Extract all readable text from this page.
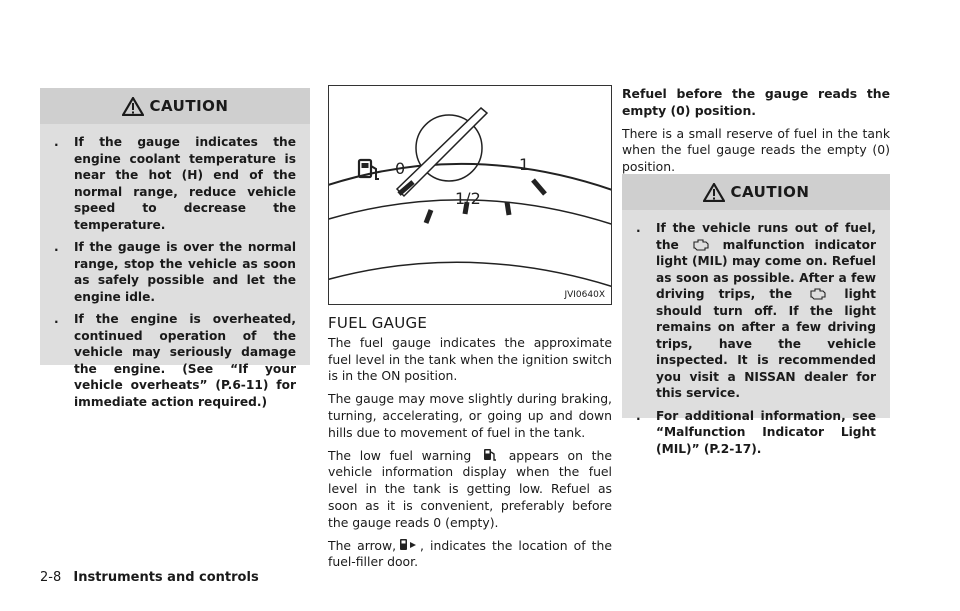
CAUTION
.	If the gauge indicates the engine coolant temperature is near the hot (H) end of the normal range, reduce vehicle speed to decrease the temperature.
.	If the gauge is over the normal range, stop the vehicle as soon as safely possible and let the engine idle.
.	If the engine is overheated, continued operation of the vehicle may seriously damage the engine. (See “If your vehicle overheats” (P.6-11) for immediate action required.)
0
1/2
1
JVI0640X
FUEL GAUGE

The fuel gauge indicates the approximate fuel level in the tank when the ignition switch is in the ON position.

The gauge may move slightly during braking, turning, accelerating, or going up and down hills due to movement of fuel in the tank.

The low fuel warning	appears on the vehicle information display when the fuel level in the tank is getting low. Refuel as soon as it is convenient, preferably before the gauge reads 0 (empty).

The arrow, , indicates the location of the fuel-filler door.

Refuel before the gauge reads the empty (0) position.

There is a small reserve of fuel in the tank when the fuel gauge reads the empty (0) position.

CAUTION
.	If the vehicle runs out of fuel, the	malfunction indicator light (MIL) may come on. Refuel as soon as possible. After a few driving trips, the	light should turn off. If the light remains on after a few driving trips, have the vehicle inspected. It is recommended you visit a NISSAN dealer for this service.
.	For additional information, see “Malfunction Indicator Light (MIL)” (P.2-17).
2-8 Instruments and controls
